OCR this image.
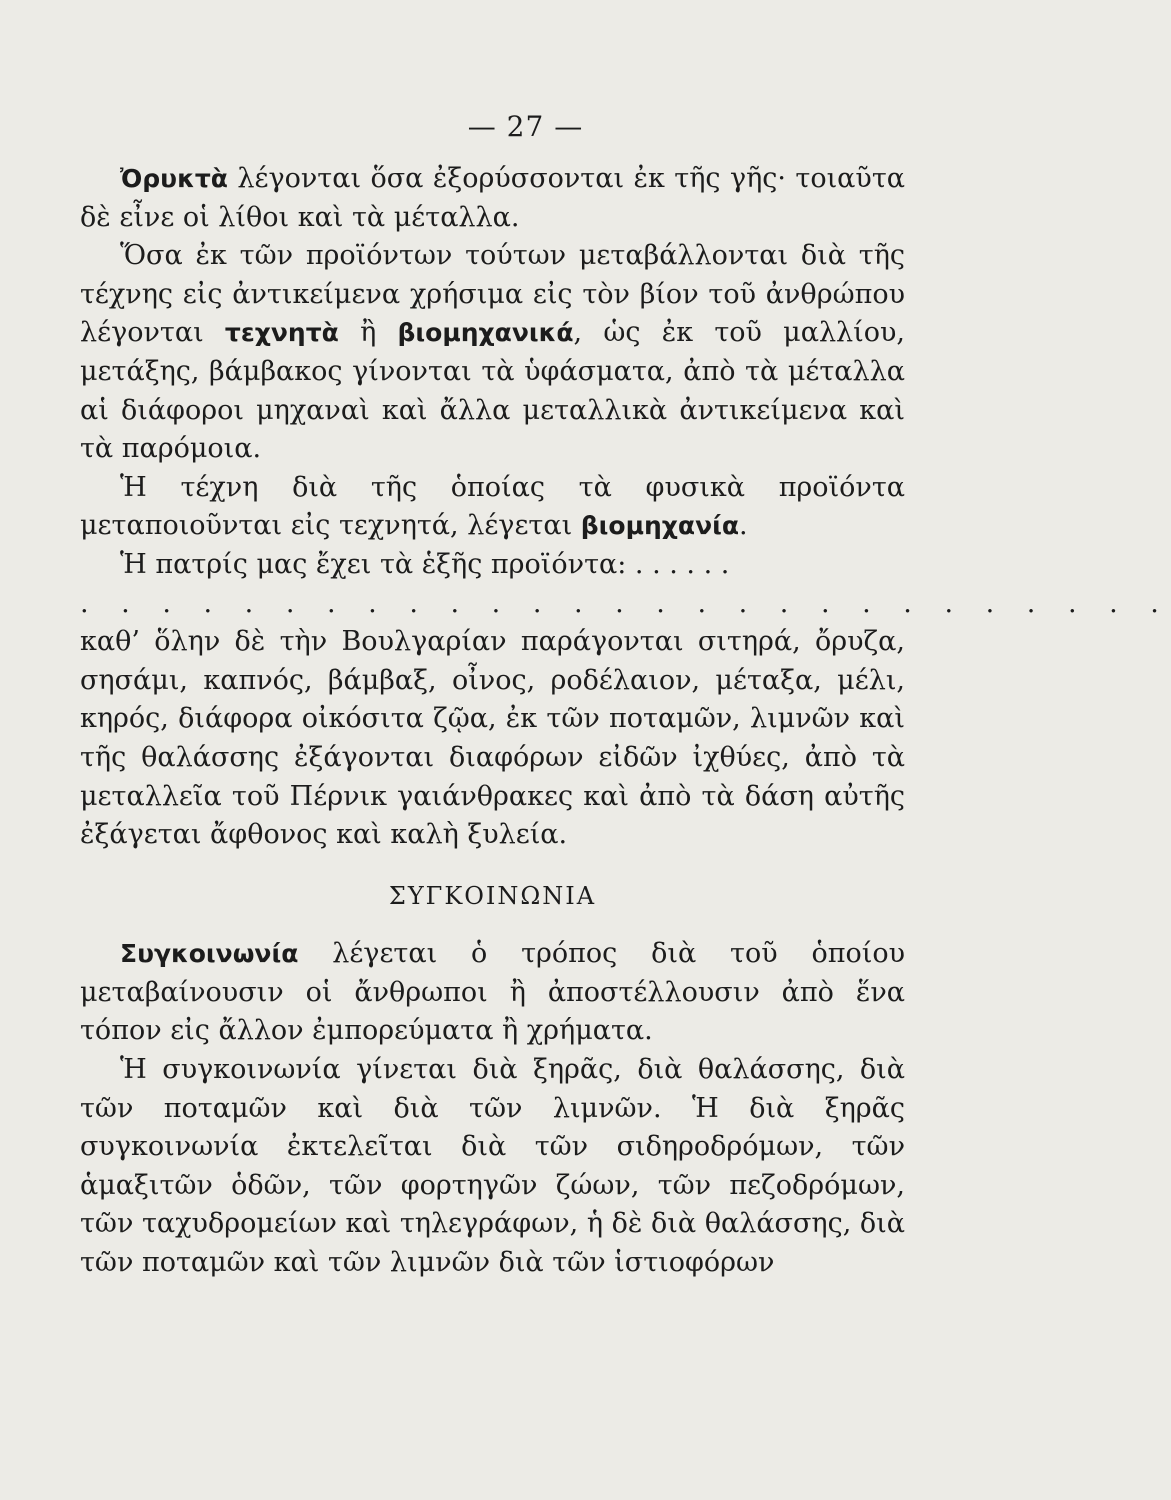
— 27 —

Ὀρυκτὰ λέγονται ὅσα ἐξορύσσονται ἐκ τῆς γῆς· τοιαῦτα δὲ εἶνε οἱ λίθοι καὶ τὰ μέταλλα.

Ὅσα ἐκ τῶν προϊόντων τούτων μεταβάλλονται διὰ τῆς τέχνης εἰς ἀντικείμενα χρήσιμα εἰς τὸν βίον τοῦ ἀνθρώπου λέγονται τεχνητὰ ἢ βιομηχανικά, ὡς ἐκ τοῦ μαλλίου, μετάξης, βάμβακος γίνονται τὰ ὑφάσματα, ἀπὸ τὰ μέταλλα αἱ διάφοροι μηχαναὶ καὶ ἄλλα μεταλλικὰ ἀντικείμενα καὶ τὰ παρόμοια.

Ἡ τέχνη διὰ τῆς ὁποίας τὰ φυσικὰ προϊόντα μεταποιοῦνται εἰς τεχνητά, λέγεται βιομηχανία.

Ἡ πατρίς μας ἔχει τὰ ἑξῆς προϊόντα: . . . . . .

. . . . . . . . . . . . . . . . . . . . . . . . . . .

καθ’ ὅλην δὲ τὴν Βουλγαρίαν παράγονται σιτηρά, ὄρυζα, σησάμι, καπνός, βάμβαξ, οἶνος, ροδέλαιον, μέταξα, μέλι, κηρός, διάφορα οἰκόσιτα ζῷα, ἐκ τῶν ποταμῶν, λιμνῶν καὶ τῆς θαλάσσης ἐξάγονται διαφόρων εἰδῶν ἰχθύες, ἀπὸ τὰ μεταλλεῖα τοῦ Πέρνικ γαιάνθρακες καὶ ἀπὸ τὰ δάση αὐτῆς ἐξάγεται ἄφθονος καὶ καλὴ ξυλεία.

ΣΥΓΚΟΙΝΩΝΙΑ

Συγκοινωνία λέγεται ὁ τρόπος διὰ τοῦ ὁποίου μεταβαίνουσιν οἱ ἄνθρωποι ἢ ἀποστέλλουσιν ἀπὸ ἕνα τόπον εἰς ἄλλον ἐμπορεύματα ἢ χρήματα.

Ἡ συγκοινωνία γίνεται διὰ ξηρᾶς, διὰ θαλάσσης, διὰ τῶν ποταμῶν καὶ διὰ τῶν λιμνῶν. Ἡ διὰ ξηρᾶς συγκοινωνία ἐκτελεῖται διὰ τῶν σιδηροδρόμων, τῶν ἁμαξιτῶν ὁδῶν, τῶν φορτηγῶν ζώων, τῶν πεζοδρόμων, τῶν ταχυδρομείων καὶ τηλεγράφων, ἡ δὲ διὰ θαλάσσης, διὰ τῶν ποταμῶν καὶ τῶν λιμνῶν διὰ τῶν ἱστιοφόρων
